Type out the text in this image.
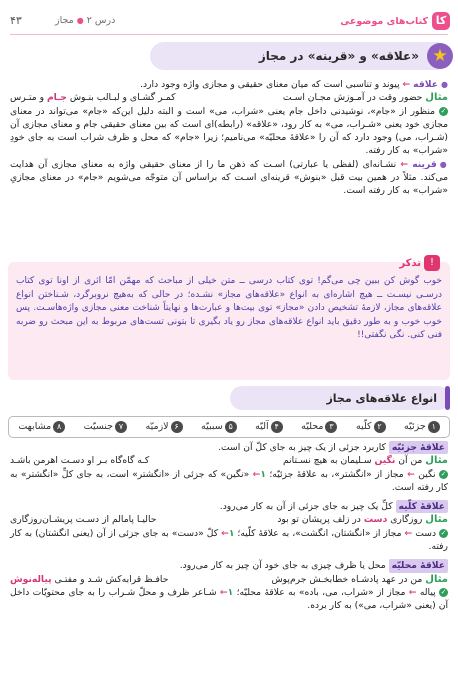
کا
کتاب‌های موضوعی
درس ۲ ● مجاز
۴۳
★
«علاقه» و «قرینه» در مجاز
●علاقه ← پیوند و تناسبی است که میان معنای حقیقی و مجازی واژه وجود دارد.
مثال حضور وقت در آمـوزش مجـان اسـت
کمـر گشـای و لبـالب بنـوش جـام و متـرس
✓ منظور از «جام»، نوشیدنی داخل جام یعنی «شراب، می» است و البته دلیل این‌که «جام» می‌تواند در معنای مجازی خود یعنی «شـراب، می» به کار رود، «علاقه» (رابطه)ای است که بین معنای حقیقی جام و معنای مجازی آن (شـراب، می) وجود دارد که آن را «علاقهٔ محلیّه» می‌نامیم؛ زیرا «جام» که محل و ظرف شراب است به جای خودِ «شراب» به کار رفته.
●قرینه ← نشـانه‌ای (لفظی یا عبارتی) اسـت که ذهن ما را از معنای حقیقی واژه به معنای مجازی آن هدایت می‌کند. مثلاً در همین بیت قبل «بنوش» قرینه‌ای اسـت که براساس آن متوجّه می‌شویم «جام» در معنای مجازیِ «شراب» به کار رفته است.
!
تذکر
خوب گوش کن ببین چی می‌گم! توی کتاب درسی ــ متن خیلی از مباحث که مهمّن امّا اثری از اونا توی کتاب درسـی نیسـت ــ هیچ اشاره‌ای به انواع «علاقه‌های مجاز» نشـده؛ در حالی که به‌هیچ‌ نروبرگرد، شـناختن انواع علاقه‌های مجاز، لازمهٔ تشخیص دادن «مجاز» توی بیت‌ها و عبارت‌ها و نهایتاً شناخت معنی مجازی واژه‌هاسـت. پس خوب خوب و به طور دقیق باید انواع علاقه‌های مجاز رو یاد بگیری تا بتونی تست‌های مربوط به این مبحث رو ضربه فنی کنی. نگی نگفتی!!
انواع علاقه‌های مجاز
۱جزئیّه
۲کلّیه
۳محلیّه
۴آلیّه
۵سببیّه
۶لازمیّه
۷جنسیّت
۸مشابهت
علاقهٔ جزئیّه کاربرد جزئی از یک چیز به جای کلّ آن است.
مثال من آن نگین سـلیمان به هیچ نسـتانم
کـه گاه‌گاه بـر او دسـت اهرمن باشـد
✓ نگین ← مجاز از «انگشتر»، به علاقهٔ جزئیّه؛ ۱← «نگین» که جزئی از «انگشتر» است، به جای کلِّ «انگشتر» به کار رفته است.
علاقهٔ کلّیه کلِّ یک چیز به جای جزئی از آن به کار می‌رود.
مثال روزگاری دست در زلف پریشان تو بود
حالیـا پامالم از دسـت پریشـان‌روزگاری
✓ دست ← مجاز از «انگشتان، انگشت»، به علاقهٔ کلّیه؛ ۱← کلّ «دست» به جای جزئی از آن (یعنی انگشتان) به کار رفته.
علاقهٔ محلیّه محل یا ظرف چیزی به جای خود آن چیز به کار می‌رود.
مثال من در عهد پادشـاه خطابخـش جرم‌پوش
حافـظ قرابه‌کش شـد و مفتـی پیاله‌نوش
✓ پیاله ← مجاز از «شراب، می، باده» به علاقهٔ محلیّه؛ ۱← شـاعر ظرف و محلّ شـراب را به جای محتویّات داخل آن (یعنی «شراب، می») به کار برده.
